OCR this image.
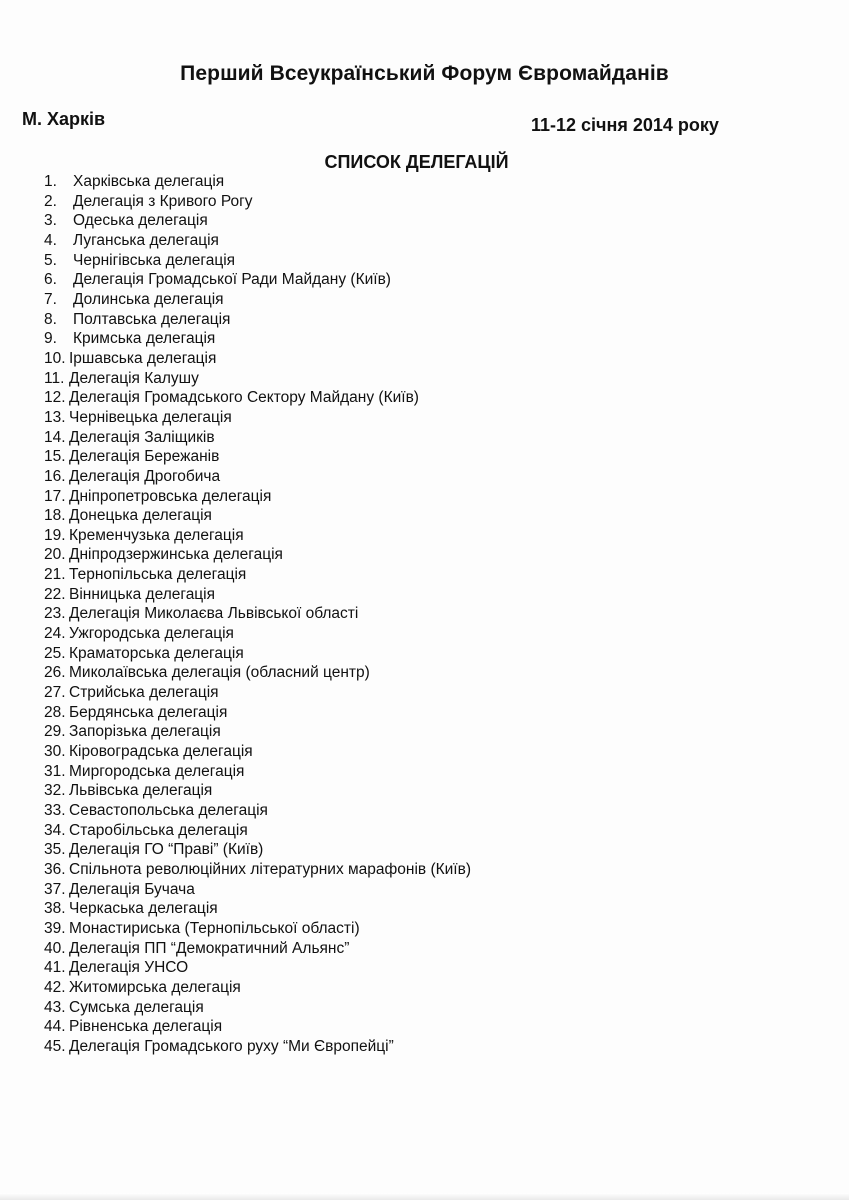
Перший Всеукраїнський Форум Євромайданів
М. Харків	11-12 січня 2014 року
СПИСОК ДЕЛЕГАЦІЙ
1.	Харківська делегація
2.	Делегація з Кривого Рогу
3.	Одеська делегація
4.	Луганська делегація
5.	Чернігівська делегація
6.	Делегація Громадської Ради Майдану (Київ)
7.	Долинська делегація
8.	Полтавська делегація
9.	Кримська делегація
10. Іршавська делегація
11. Делегація Калушу
12. Делегація Громадського Сектору Майдану (Київ)
13. Чернівецька делегація
14. Делегація Заліщиків
15. Делегація Бережанів
16. Делегація Дрогобича
17. Дніпропетровська делегація
18. Донецька делегація
19. Кременчузька делегація
20. Дніпродзержинська делегація
21. Тернопільська делегація
22. Вінницька делегація
23. Делегація Миколаєва Львівської області
24. Ужгородська делегація
25. Краматорська делегація
26. Миколаївська делегація (обласний центр)
27. Стрийська делегація
28. Бердянська делегація
29. Запорізька делегація
30. Кіровоградська делегація
31. Миргородська делегація
32. Львівська делегація
33. Севастопольська делегація
34. Старобільська делегація
35. Делегація ГО “Праві” (Київ)
36. Спільнота революційних літературних марафонів (Київ)
37. Делегація Бучача
38. Черкаська делегація
39. Монастириська (Тернопільської області)
40. Делегація ПП “Демократичний Альянс”
41. Делегація УНСО
42. Житомирська делегація
43. Сумська делегація
44. Рівненська делегація
45. Делегація Громадського руху “Ми Європейці”
